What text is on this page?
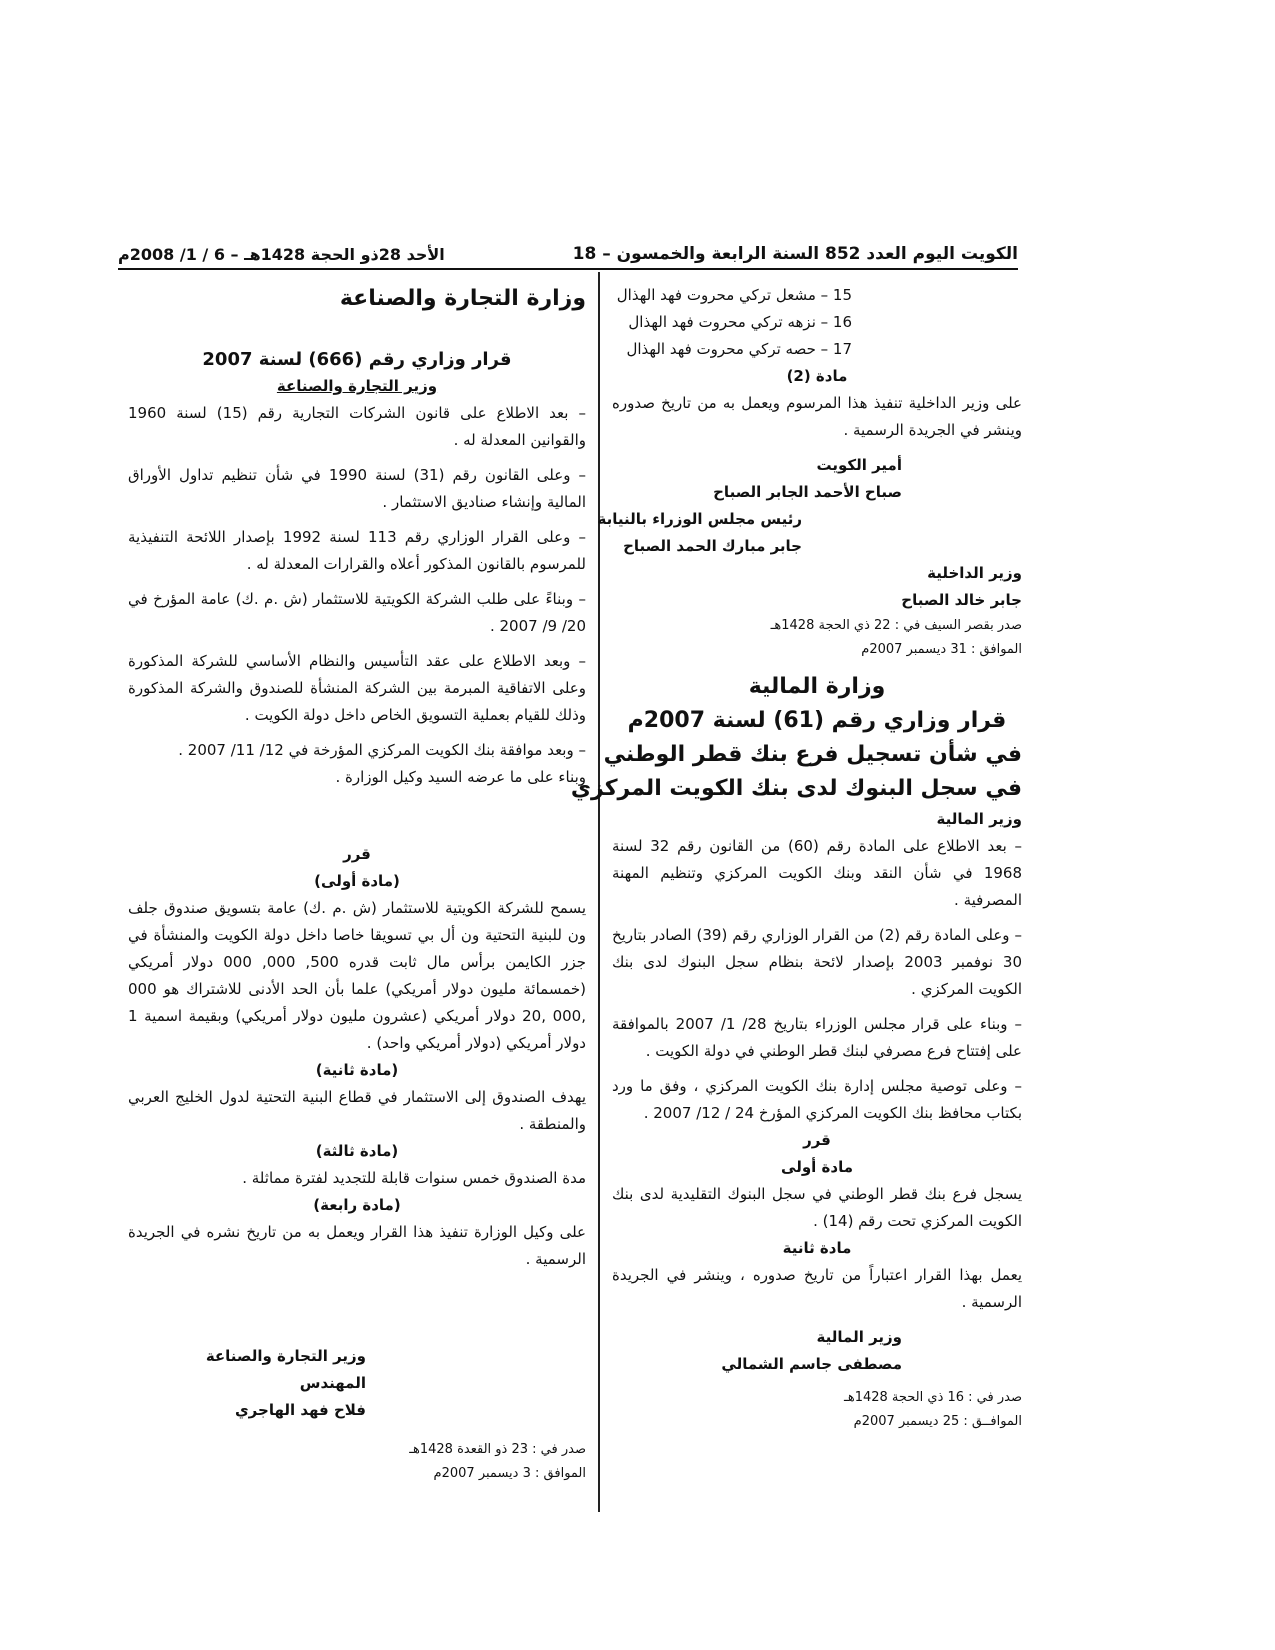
الكويت اليوم العدد 852 السنة الرابعة والخمسون – 18
الأحد 28ذو الحجة 1428هـ – 6 / 1/ 2008م
15 – مشعل تركي محروت فهد الهذال
16 – نزهه تركي محروت فهد الهذال
17 – حصه تركي محروت فهد الهذال
مادة (2)
على وزير الداخلية تنفيذ هذا المرسوم ويعمل به من تاريخ صدوره وينشر في الجريدة الرسمية .
أمير الكويت
صباح الأحمد الجابر الصباح
رئيس مجلس الوزراء بالنيابة
جابر مبارك الحمد الصباح
وزير الداخلية
جابر خالد الصباح
صدر بقصر السيف في : 22 ذي الحجة 1428هـ
الموافق : 31 ديسمبر 2007م
وزارة المالية
قرار وزاري رقم (61) لسنة 2007م
في شأن تسجيل فرع بنك قطر الوطني
في سجل البنوك لدى بنك الكويت المركزي
وزير المالية
– بعد الاطلاع على المادة رقم (60) من القانون رقم 32 لسنة 1968 في شأن النقد وبنك الكويت المركزي وتنظيم المهنة المصرفية .
– وعلى المادة رقم (2) من القرار الوزاري رقم (39) الصادر بتاريخ 30 نوفمبر 2003 بإصدار لائحة بنظام سجل البنوك لدى بنك الكويت المركزي .
– وبناء على قرار مجلس الوزراء بتاريخ 28/ 1/ 2007 بالموافقة على إفتتاح فرع مصرفي لبنك قطر الوطني في دولة الكويت .
– وعلى توصية مجلس إدارة بنك الكويت المركزي ، وفق ما ورد بكتاب محافظ بنك الكويت المركزي المؤرخ 24 / 12/ 2007 .
قرر
مادة أولى
يسجل فرع بنك قطر الوطني في سجل البنوك التقليدية لدى بنك الكويت المركزي تحت رقم (14) .
مادة ثانية
يعمل بهذا القرار اعتباراً من تاريخ صدوره ، وينشر في الجريدة الرسمية .
وزير المالية
مصطفى جاسم الشمالي
صدر في : 16 ذي الحجة 1428هـ
الموافــق : 25 ديسمبر 2007م
وزارة التجارة والصناعة
قرار وزاري رقم (666) لسنة 2007
وزير التجارة والصناعة
– بعد الاطلاع على قانون الشركات التجارية رقم (15) لسنة 1960 والقوانين المعدلة له .
– وعلى القانون رقم (31) لسنة 1990 في شأن تنظيم تداول الأوراق المالية وإنشاء صناديق الاستثمار .
– وعلى القرار الوزاري رقم 113 لسنة 1992 بإصدار اللائحة التنفيذية للمرسوم بالقانون المذكور أعلاه والقرارات المعدلة له .
– وبناءً على طلب الشركة الكويتية للاستثمار (ش .م .ك) عامة المؤرخ في 20/ 9/ 2007 .
– وبعد الاطلاع على عقد التأسيس والنظام الأساسي للشركة المذكورة وعلى الاتفاقية المبرمة بين الشركة المنشأة للصندوق والشركة المذكورة وذلك للقيام بعملية التسويق الخاص داخل دولة الكويت .
– وبعد موافقة بنك الكويت المركزي المؤرخة في 12/ 11/ 2007 .
وبناء على ما عرضه السيد وكيل الوزارة .
قرر
(مادة أولى)
يسمح للشركة الكويتية للاستثمار (ش .م .ك) عامة بتسويق صندوق جلف ون للبنية التحتية ون أل بي تسويقا خاصا داخل دولة الكويت والمنشأة في جزر الكايمن برأس مال ثابت قدره 500, 000, 000 دولار أمريكي (خمسمائة مليون دولار أمريكي) علما بأن الحد الأدنى للاشتراك هو 000 ,000 ,20 دولار أمريكي (عشرون مليون دولار أمريكي) وبقيمة اسمية 1 دولار أمريكي (دولار أمريكي واحد) .
(مادة ثانية)
يهدف الصندوق إلى الاستثمار في قطاع البنية التحتية لدول الخليج العربي والمنطقة .
(مادة ثالثة)
مدة الصندوق خمس سنوات قابلة للتجديد لفترة مماثلة .
(مادة رابعة)
على وكيل الوزارة تنفيذ هذا القرار ويعمل به من تاريخ نشره في الجريدة الرسمية .
وزير التجارة والصناعة
المهندس
فلاح فهد الهاجري
صدر في : 23 ذو القعدة 1428هـ
الموافق : 3 ديسمبر 2007م
